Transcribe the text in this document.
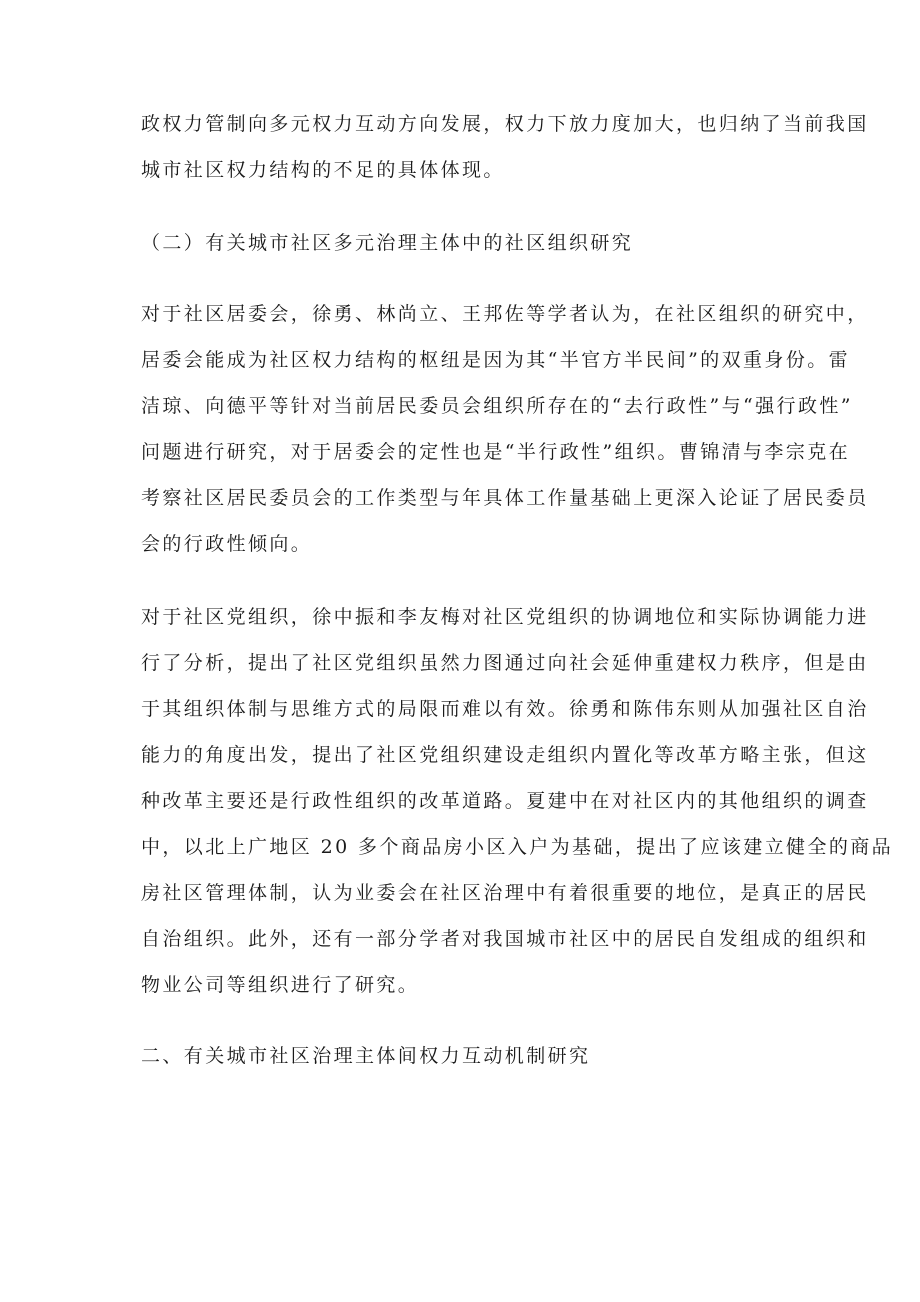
政权力管制向多元权力互动方向发展，权力下放力度加大，也归纳了当前我国
城市社区权力结构的不足的具体体现。
（二）有关城市社区多元治理主体中的社区组织研究
对于社区居委会，徐勇、林尚立、王邦佐等学者认为，在社区组织的研究中，
居委会能成为社区权力结构的枢纽是因为其“半官方半民间”的双重身份。雷
洁琼、向德平等针对当前居民委员会组织所存在的“去行政性”与“强行政性”
问题进行研究，对于居委会的定性也是“半行政性”组织。曹锦清与李宗克在
考察社区居民委员会的工作类型与年具体工作量基础上更深入论证了居民委员
会的行政性倾向。
对于社区党组织，徐中振和李友梅对社区党组织的协调地位和实际协调能力进
行了分析，提出了社区党组织虽然力图通过向社会延伸重建权力秩序，但是由
于其组织体制与思维方式的局限而难以有效。徐勇和陈伟东则从加强社区自治
能力的角度出发，提出了社区党组织建设走组织内置化等改革方略主张，但这
种改革主要还是行政性组织的改革道路。夏建中在对社区内的其他组织的调查
中，以北上广地区 20 多个商品房小区入户为基础，提出了应该建立健全的商品
房社区管理体制，认为业委会在社区治理中有着很重要的地位，是真正的居民
自治组织。此外，还有一部分学者对我国城市社区中的居民自发组成的组织和
物业公司等组织进行了研究。
二、有关城市社区治理主体间权力互动机制研究
